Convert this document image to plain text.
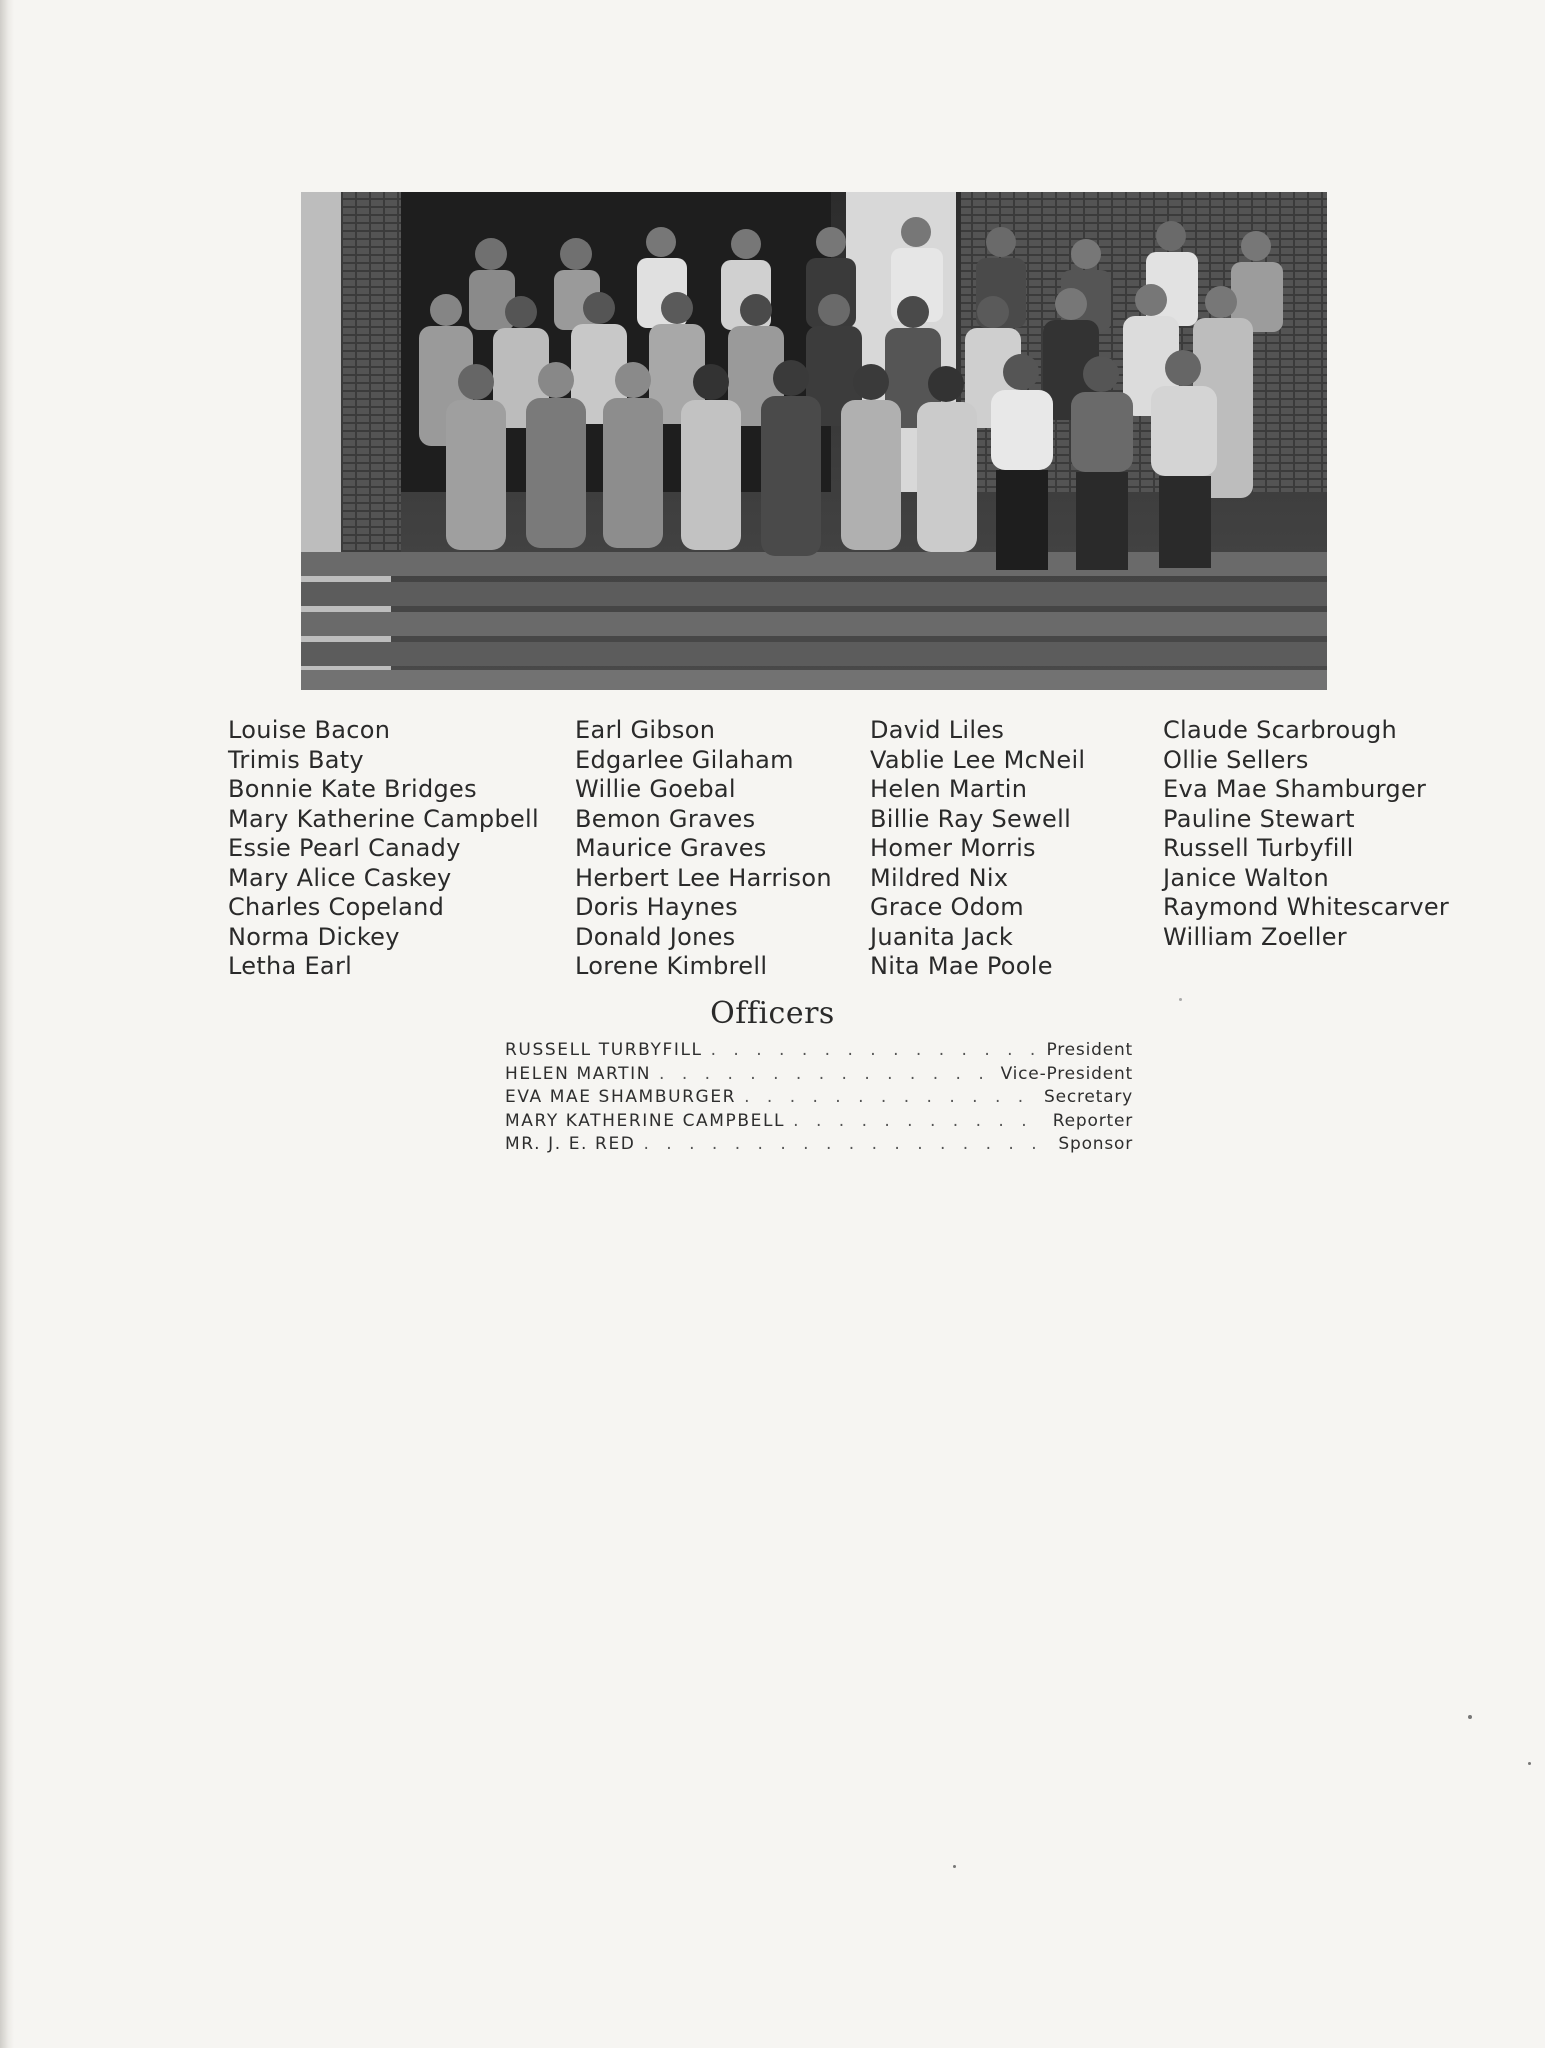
Louise Bacon
Trimis Baty
Bonnie Kate Bridges
Mary Katherine Campbell
Essie Pearl Canady
Mary Alice Caskey
Charles Copeland
Norma Dickey
Letha Earl
Earl Gibson
Edgarlee Gilaham
Willie Goebal
Bemon Graves
Maurice Graves
Herbert Lee Harrison
Doris Haynes
Donald Jones
Lorene Kimbrell
David Liles
Vablie Lee McNeil
Helen Martin
Billie Ray Sewell
Homer Morris
Mildred Nix
Grace Odom
Juanita Jack
Nita Mae Poole
Claude Scarbrough
Ollie Sellers
Eva Mae Shamburger
Pauline Stewart
Russell Turbyfill
Janice Walton
Raymond Whitescarver
William Zoeller
Officers
RUSSELL TURBYFILL . . .	President
HELEN MARTIN . . .	Vice-President
EVA MAE SHAMBURGER . . .	Secretary
MARY KATHERINE CAMPBELL . . .	Reporter
MR. J. E. RED . . .	Sponsor
